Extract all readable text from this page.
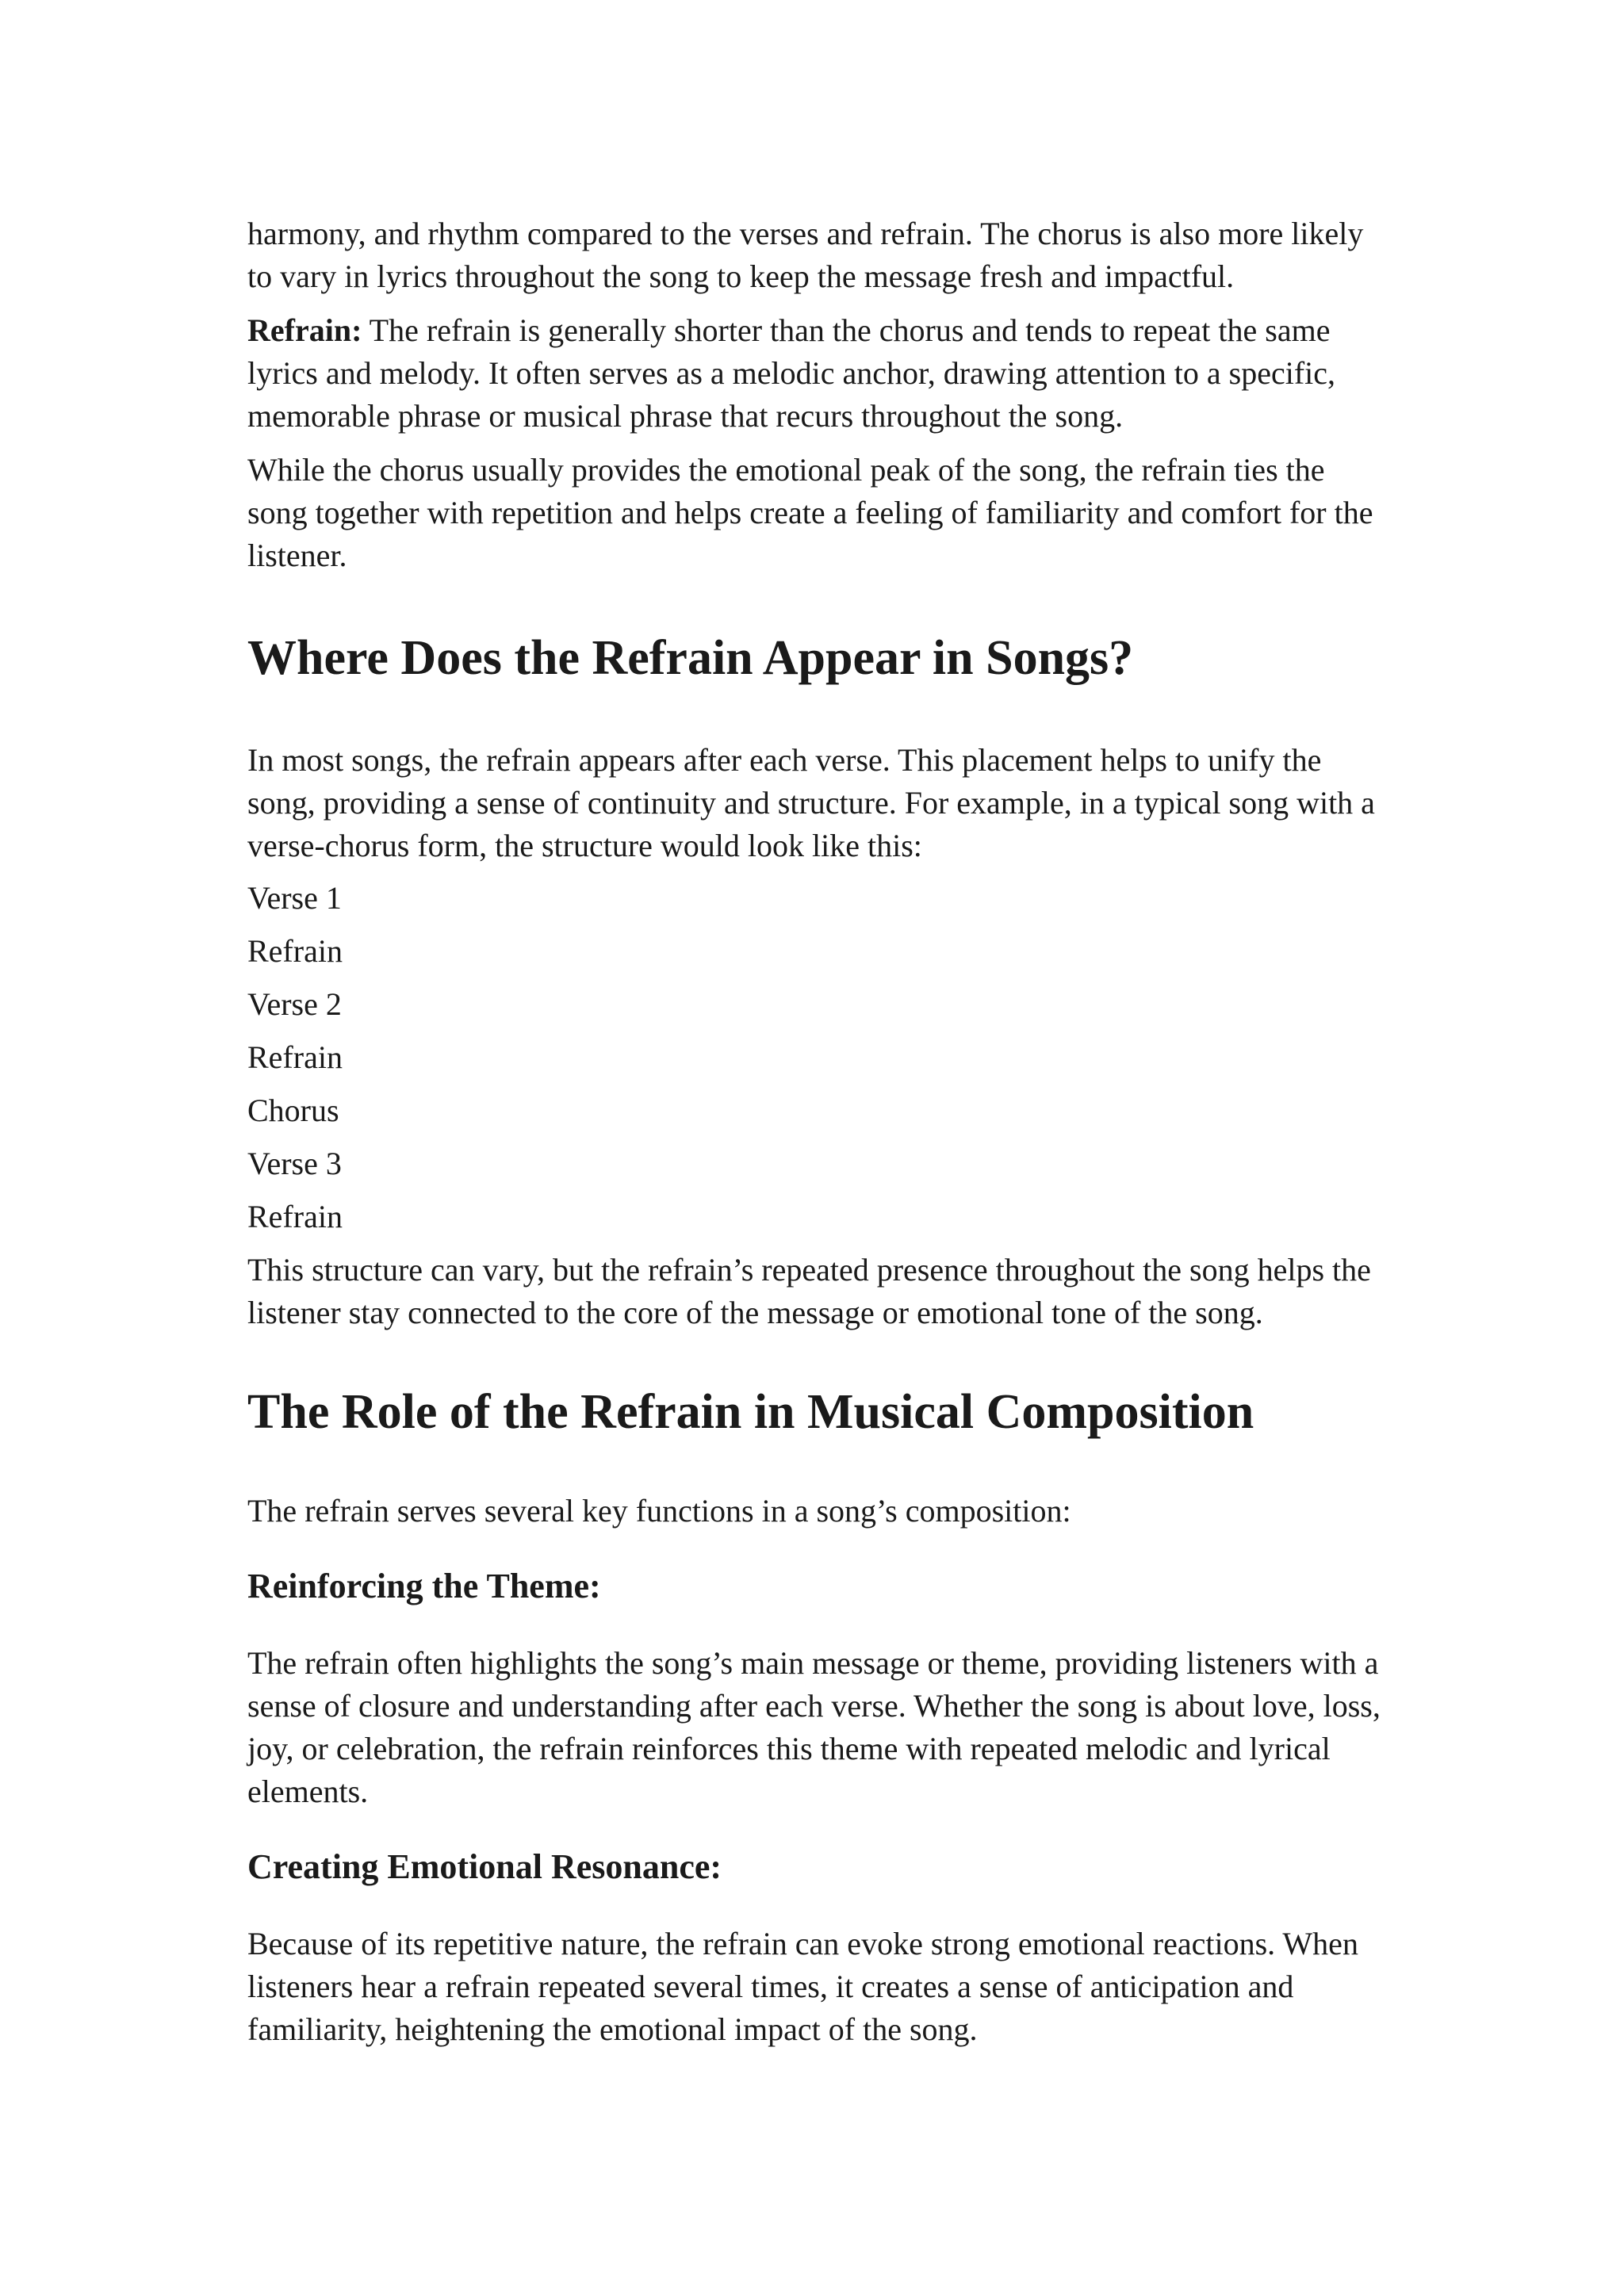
harmony, and rhythm compared to the verses and refrain. The chorus is also more likely to vary in lyrics throughout the song to keep the message fresh and impactful.

Refrain: The refrain is generally shorter than the chorus and tends to repeat the same lyrics and melody. It often serves as a melodic anchor, drawing attention to a specific, memorable phrase or musical phrase that recurs throughout the song.

While the chorus usually provides the emotional peak of the song, the refrain ties the song together with repetition and helps create a feeling of familiarity and comfort for the listener.

Where Does the Refrain Appear in Songs?

In most songs, the refrain appears after each verse. This placement helps to unify the song, providing a sense of continuity and structure. For example, in a typical song with a verse-chorus form, the structure would look like this:

Verse 1

Refrain

Verse 2

Refrain

Chorus

Verse 3

Refrain

This structure can vary, but the refrain’s repeated presence throughout the song helps the listener stay connected to the core of the message or emotional tone of the song.

The Role of the Refrain in Musical Composition

The refrain serves several key functions in a song’s composition:

Reinforcing the Theme:

The refrain often highlights the song’s main message or theme, providing listeners with a sense of closure and understanding after each verse. Whether the song is about love, loss, joy, or celebration, the refrain reinforces this theme with repeated melodic and lyrical elements.

Creating Emotional Resonance:

Because of its repetitive nature, the refrain can evoke strong emotional reactions. When listeners hear a refrain repeated several times, it creates a sense of anticipation and familiarity, heightening the emotional impact of the song.
